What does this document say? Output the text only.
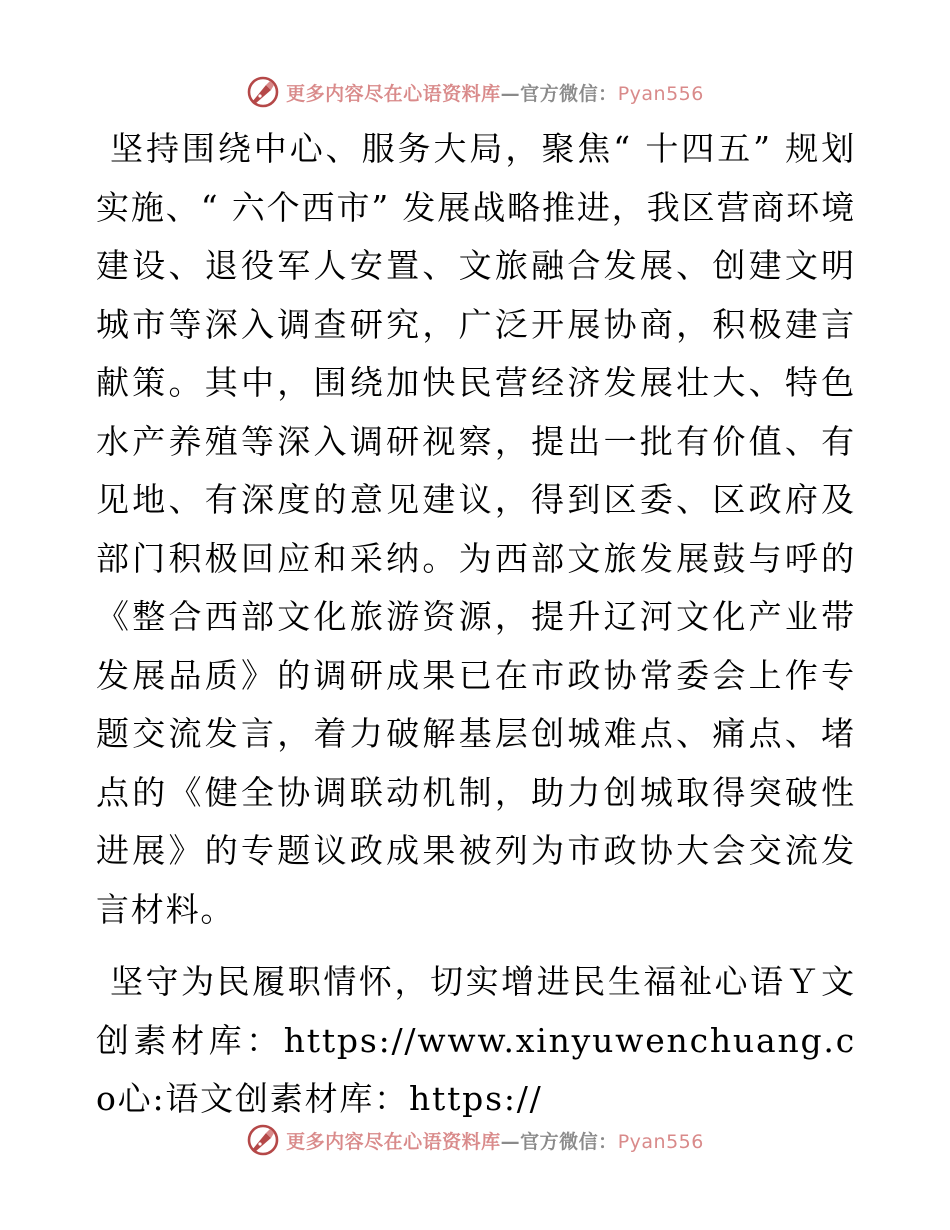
更多内容尽在心语资料库—官方微信：Pyan556

坚持围绕中心、服务大局，聚焦“ 十四五” 规划实施、“ 六个西市” 发展战略推进，我区营商环境建设、退役军人安置、文旅融合发展、创建文明城市等深入调查研究，广泛开展协商，积极建言献策。其中，围绕加快民营经济发展壮大、特色水产养殖等深入调研视察，提出一批有价值、有见地、有深度的意见建议，得到区委、区政府及部门积极回应和采纳。为西部文旅发展鼓与呼的《整合西部文化旅游资源，提升辽河文化产业带发展品质》的调研成果已在市政协常委会上作专题交流发言，着力破解基层创城难点、痛点、堵点的《健全协调联动机制，助力创城取得突破性进展》的专题议政成果被列为市政协大会交流发言材料。

坚守为民履职情怀，切实增进民生福祉心语Ｙ文创素材库：https://www.xinyuwenchuang.co心:语文创素材库：https://

更多内容尽在心语资料库—官方微信：Pyan556
